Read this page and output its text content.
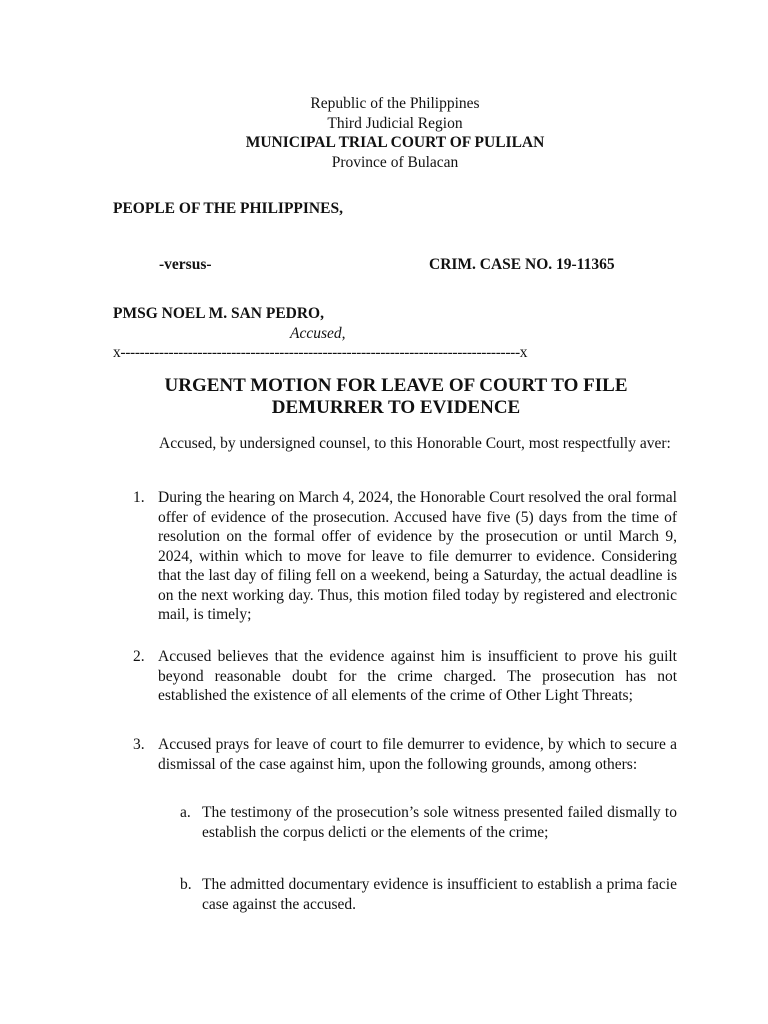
Republic of the Philippines
Third Judicial Region
MUNICIPAL TRIAL COURT OF PULILAN
Province of Bulacan
PEOPLE OF THE PHILIPPINES,
-versus-	CRIM. CASE NO. 19-11365
PMSG NOEL M. SAN PEDRO,
Accused,
x-----------------------------------------------------------------------------------x
URGENT MOTION FOR LEAVE OF COURT TO FILE
DEMURRER TO EVIDENCE
Accused, by undersigned counsel, to this Honorable Court, most respectfully aver:
1. During the hearing on March 4, 2024, the Honorable Court resolved the oral formal offer of evidence of the prosecution. Accused have five (5) days from the time of resolution on the formal offer of evidence by the prosecution or until March 9, 2024, within which to move for leave to file demurrer to evidence. Considering that the last day of filing fell on a weekend, being a Saturday, the actual deadline is on the next working day. Thus, this motion filed today by registered and electronic mail, is timely;
2. Accused believes that the evidence against him is insufficient to prove his guilt beyond reasonable doubt for the crime charged. The prosecution has not established the existence of all elements of the crime of Other Light Threats;
3. Accused prays for leave of court to file demurrer to evidence, by which to secure a dismissal of the case against him, upon the following grounds, among others:
a. The testimony of the prosecution’s sole witness presented failed dismally to establish the corpus delicti or the elements of the crime;
b. The admitted documentary evidence is insufficient to establish a prima facie case against the accused.
